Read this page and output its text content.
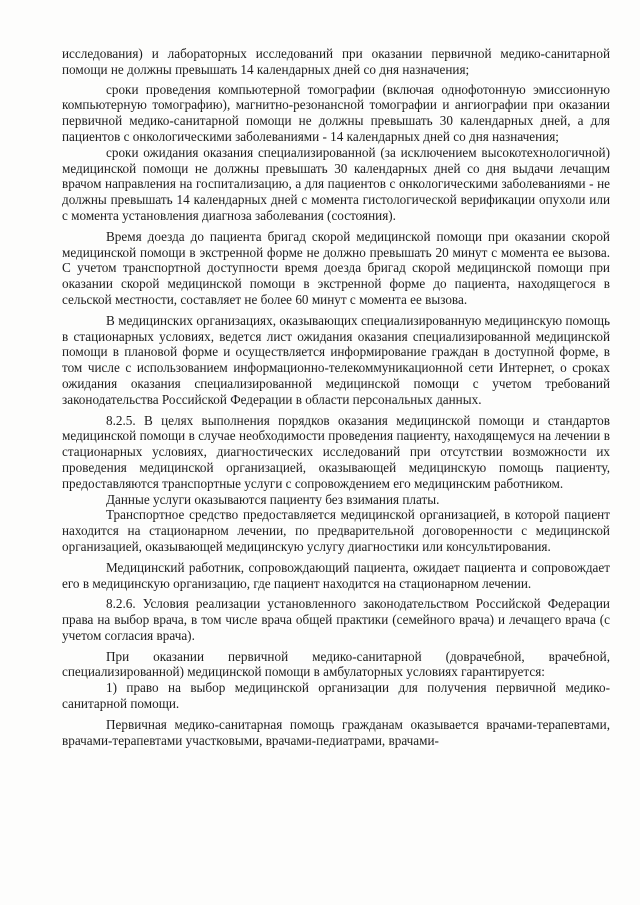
исследования) и лабораторных исследований при оказании первичной медико-санитарной помощи не должны превышать 14 календарных дней со дня назначения;

сроки проведения компьютерной томографии (включая однофотонную эмиссионную компьютерную томографию), магнитно-резонансной томографии и ангиографии при оказании первичной медико-санитарной помощи не должны превышать 30 календарных дней, а для пациентов с онкологическими заболеваниями - 14 календарных дней со дня назначения;

сроки ожидания оказания специализированной (за исключением высокотехнологичной) медицинской помощи не должны превышать 30 календарных дней со дня выдачи лечащим врачом направления на госпитализацию, а для пациентов с онкологическими заболеваниями - не должны превышать 14 календарных дней с момента гистологической верификации опухоли или с момента установления диагноза заболевания (состояния).

Время доезда до пациента бригад скорой медицинской помощи при оказании скорой медицинской помощи в экстренной форме не должно превышать 20 минут с момента ее вызова. С учетом транспортной доступности время доезда бригад скорой медицинской помощи при оказании скорой медицинской помощи в экстренной форме до пациента, находящегося в сельской местности, составляет не более 60 минут с момента ее вызова.

В медицинских организациях, оказывающих специализированную медицинскую помощь в стационарных условиях, ведется лист ожидания оказания специализированной медицинской помощи в плановой форме и осуществляется информирование граждан в доступной форме, в том числе с использованием информационно-телекоммуникационной сети Интернет, о сроках ожидания оказания специализированной медицинской помощи с учетом требований законодательства Российской Федерации в области персональных данных.

8.2.5. В целях выполнения порядков оказания медицинской помощи и стандартов медицинской помощи в случае необходимости проведения пациенту, находящемуся на лечении в стационарных условиях, диагностических исследований при отсутствии возможности их проведения медицинской организацией, оказывающей медицинскую помощь пациенту, предоставляются транспортные услуги с сопровождением его медицинским работником.

Данные услуги оказываются пациенту без взимания платы.

Транспортное средство предоставляется медицинской организацией, в которой пациент находится на стационарном лечении, по предварительной договоренности с медицинской организацией, оказывающей медицинскую услугу диагностики или консультирования.

Медицинский работник, сопровождающий пациента, ожидает пациента и сопровождает его в медицинскую организацию, где пациент находится на стационарном лечении.

8.2.6. Условия реализации установленного законодательством Российской Федерации права на выбор врача, в том числе врача общей практики (семейного врача) и лечащего врача (с учетом согласия врача).

При оказании первичной медико-санитарной (доврачебной, врачебной, специализированной) медицинской помощи в амбулаторных условиях гарантируется:

1) право на выбор медицинской организации для получения первичной медико-санитарной помощи.

Первичная медико-санитарная помощь гражданам оказывается врачами-терапевтами, врачами-терапевтами участковыми, врачами-педиатрами, врачами-
